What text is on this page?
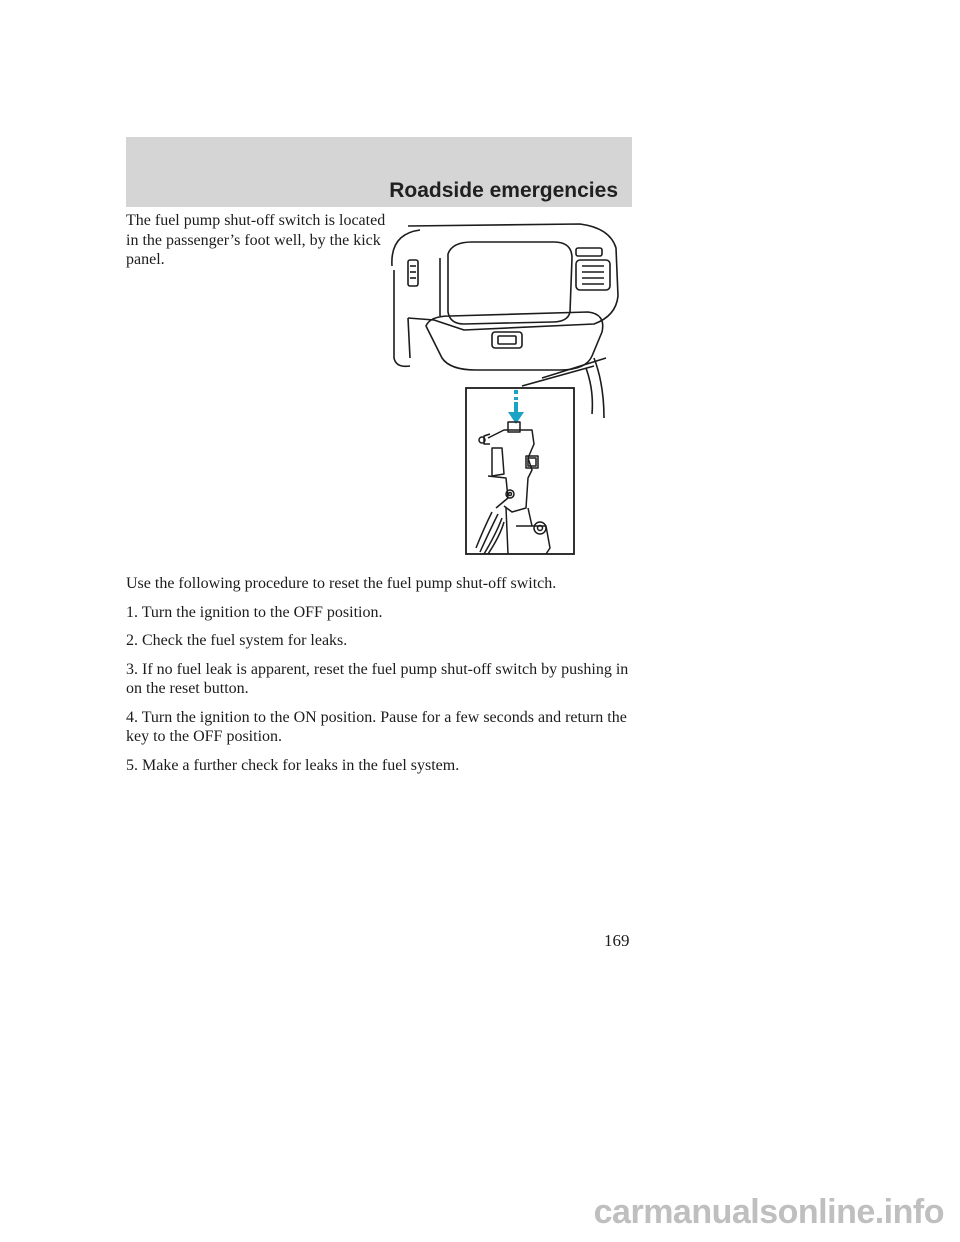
Roadside emergencies

The fuel pump shut-off switch is located in the passenger’s foot well, by the kick panel.

Use the following procedure to reset the fuel pump shut-off switch.

1. Turn the ignition to the OFF position.

2. Check the fuel system for leaks.

3. If no fuel leak is apparent, reset the fuel pump shut-off switch by pushing in on the reset button.

4. Turn the ignition to the ON position. Pause for a few seconds and return the key to the OFF position.

5. Make a further check for leaks in the fuel system.

169

carmanualsonline.info
